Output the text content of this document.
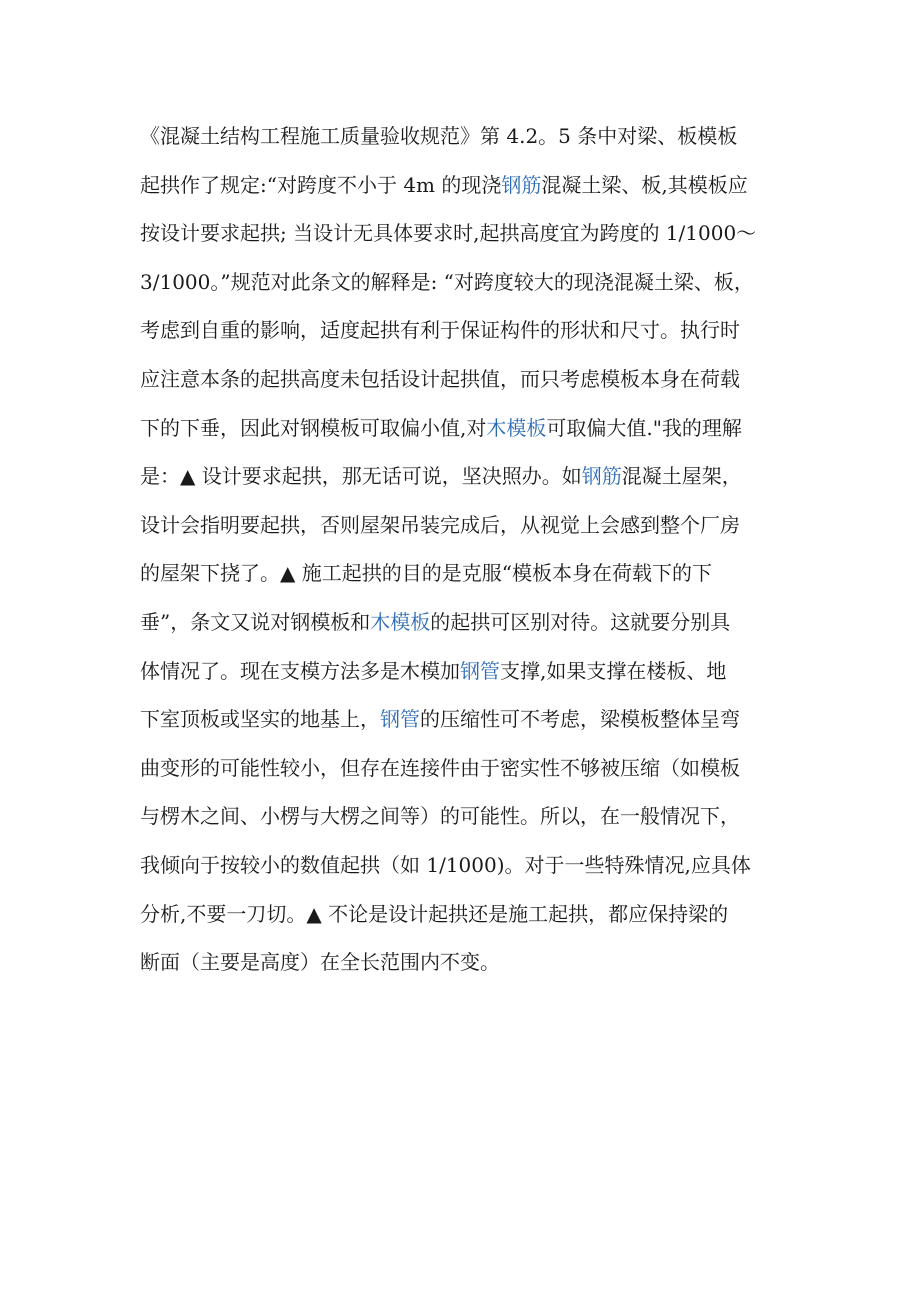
《混凝土结构工程施工质量验收规范》第 4.2。5 条中对梁、板模板
起拱作了规定:“对跨度不小于 4m 的现浇钢筋混凝土梁、板,其模板应
按设计要求起拱; 当设计无具体要求时,起拱高度宜为跨度的 1/1000～
3/1000。”规范对此条文的解释是: “对跨度较大的现浇混凝土梁、板，
考虑到自重的影响，适度起拱有利于保证构件的形状和尺寸。执行时
应注意本条的起拱高度未包括设计起拱值，而只考虑模板本身在荷载
下的下垂，因此对钢模板可取偏小值,对木模板可取偏大值."我的理解
是：▲ 设计要求起拱，那无话可说，坚决照办。如钢筋混凝土屋架，
设计会指明要起拱，否则屋架吊装完成后，从视觉上会感到整个厂房
的屋架下挠了。▲ 施工起拱的目的是克服“模板本身在荷载下的下
垂”，条文又说对钢模板和木模板的起拱可区别对待。这就要分别具
体情况了。现在支模方法多是木模加钢管支撑,如果支撑在楼板、地
下室顶板或坚实的地基上，钢管的压缩性可不考虑，梁模板整体呈弯
曲变形的可能性较小，但存在连接件由于密实性不够被压缩（如模板
与楞木之间、小楞与大楞之间等）的可能性。所以，在一般情况下，
我倾向于按较小的数值起拱（如 1/1000)。对于一些特殊情况,应具体
分析,不要一刀切。▲ 不论是设计起拱还是施工起拱，都应保持梁的
断面（主要是高度）在全长范围内不变。
